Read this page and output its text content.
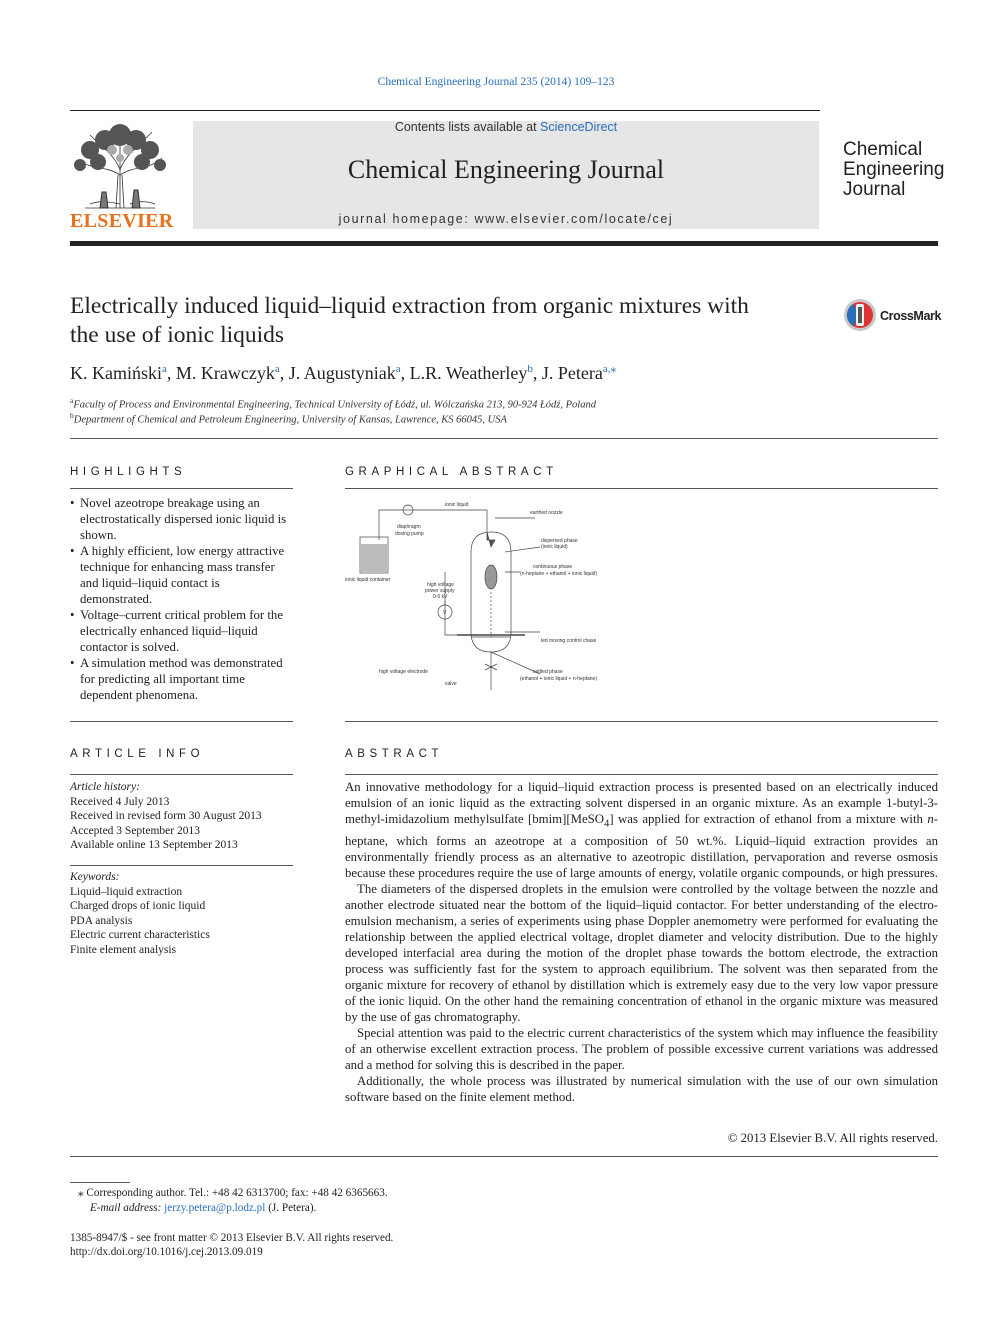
Chemical Engineering Journal 235 (2014) 109–123
ELSEVIER
Contents lists available at ScienceDirect
Chemical Engineering Journal
journal homepage: www.elsevier.com/locate/cej
Chemical
Engineering
Journal
Electrically induced liquid–liquid extraction from organic mixtures with
the use of ionic liquids
CrossMark
K. Kamiński$^a$, M. Krawczyk$^a$, J. Augustyniak$^a$, L.R. Weatherley$^b$, J. Petera$^{a,⁎}$
$^a$Faculty of Process and Environmental Engineering, Technical University of Łódź, ul. Wólczańska 213, 90-924 Łódź, Poland
$^b$Department of Chemical and Petroleum Engineering, University of Kansas, Lawrence, KS 66045, USA
HIGHLIGHTS
• Novel azeotrope breakage using an electrostatically dispersed ionic liquid is shown.
• A highly efficient, low energy attractive technique for enhancing mass transfer and liquid–liquid contact is demonstrated.
• Voltage–current critical problem for the electrically enhanced liquid–liquid contactor is solved.
• A simulation method was demonstrated for predicting all important time dependent phenomena.
GRAPHICAL ABSTRACT
ionic liquid
earthed nozzle
diaphragm
dosing pump
dispersed phase
(ionic liquid)
continuous phase
(n-heptane + ethanol + ionic liquid)
ionic liquid container
high voltage
power supply
0-5 kV
V
led moving control chase
high voltage electrode	settled phase
(ethanol + ionic liquid + n-heptane)
valve
ARTICLE INFO
Article history:
Received 4 July 2013
Received in revised form 30 August 2013
Accepted 3 September 2013
Available online 13 September 2013
Keywords:
Liquid–liquid extraction
Charged drops of ionic liquid
PDA analysis
Electric current characteristics
Finite element analysis
ABSTRACT

An innovative methodology for a liquid–liquid extraction process is presented based on an electrically induced emulsion of an ionic liquid as the extracting solvent dispersed in an organic mixture. As an example 1-butyl-3-methyl-imidazolium methylsulfate [bmim][MeSO$_4$] was applied for extraction of ethanol from a mixture with n-heptane, which forms an azeotrope at a composition of 50 wt.%. Liquid–liquid extraction provides an environmentally friendly process as an alternative to azeotropic distillation, pervaporation and reverse osmosis because these procedures require the use of large amounts of energy, volatile organic compounds, or high pressures.

The diameters of the dispersed droplets in the emulsion were controlled by the voltage between the nozzle and another electrode situated near the bottom of the liquid–liquid contactor. For better understanding of the electro-emulsion mechanism, a series of experiments using phase Doppler anemometry were performed for evaluating the relationship between the applied electrical voltage, droplet diameter and velocity distribution. Due to the highly developed interfacial area during the motion of the droplet phase towards the bottom electrode, the extraction process was sufficiently fast for the system to approach equilibrium. The solvent was then separated from the organic mixture for recovery of ethanol by distillation which is extremely easy due to the very low vapor pressure of the ionic liquid. On the other hand the remaining concentration of ethanol in the organic mixture was measured by the use of gas chromatography.

Special attention was paid to the electric current characteristics of the system which may influence the feasibility of an otherwise excellent extraction process. The problem of possible excessive current variations was addressed and a method for solving this is described in the paper.

Additionally, the whole process was illustrated by numerical simulation with the use of our own simulation software based on the finite element method.

© 2013 Elsevier B.V. All rights reserved.
⁎ Corresponding author. Tel.: +48 42 6313700; fax: +48 42 6365663.
E-mail address: jerzy.petera@p.lodz.pl (J. Petera).
1385-8947/$ - see front matter © 2013 Elsevier B.V. All rights reserved.
http://dx.doi.org/10.1016/j.cej.2013.09.019
